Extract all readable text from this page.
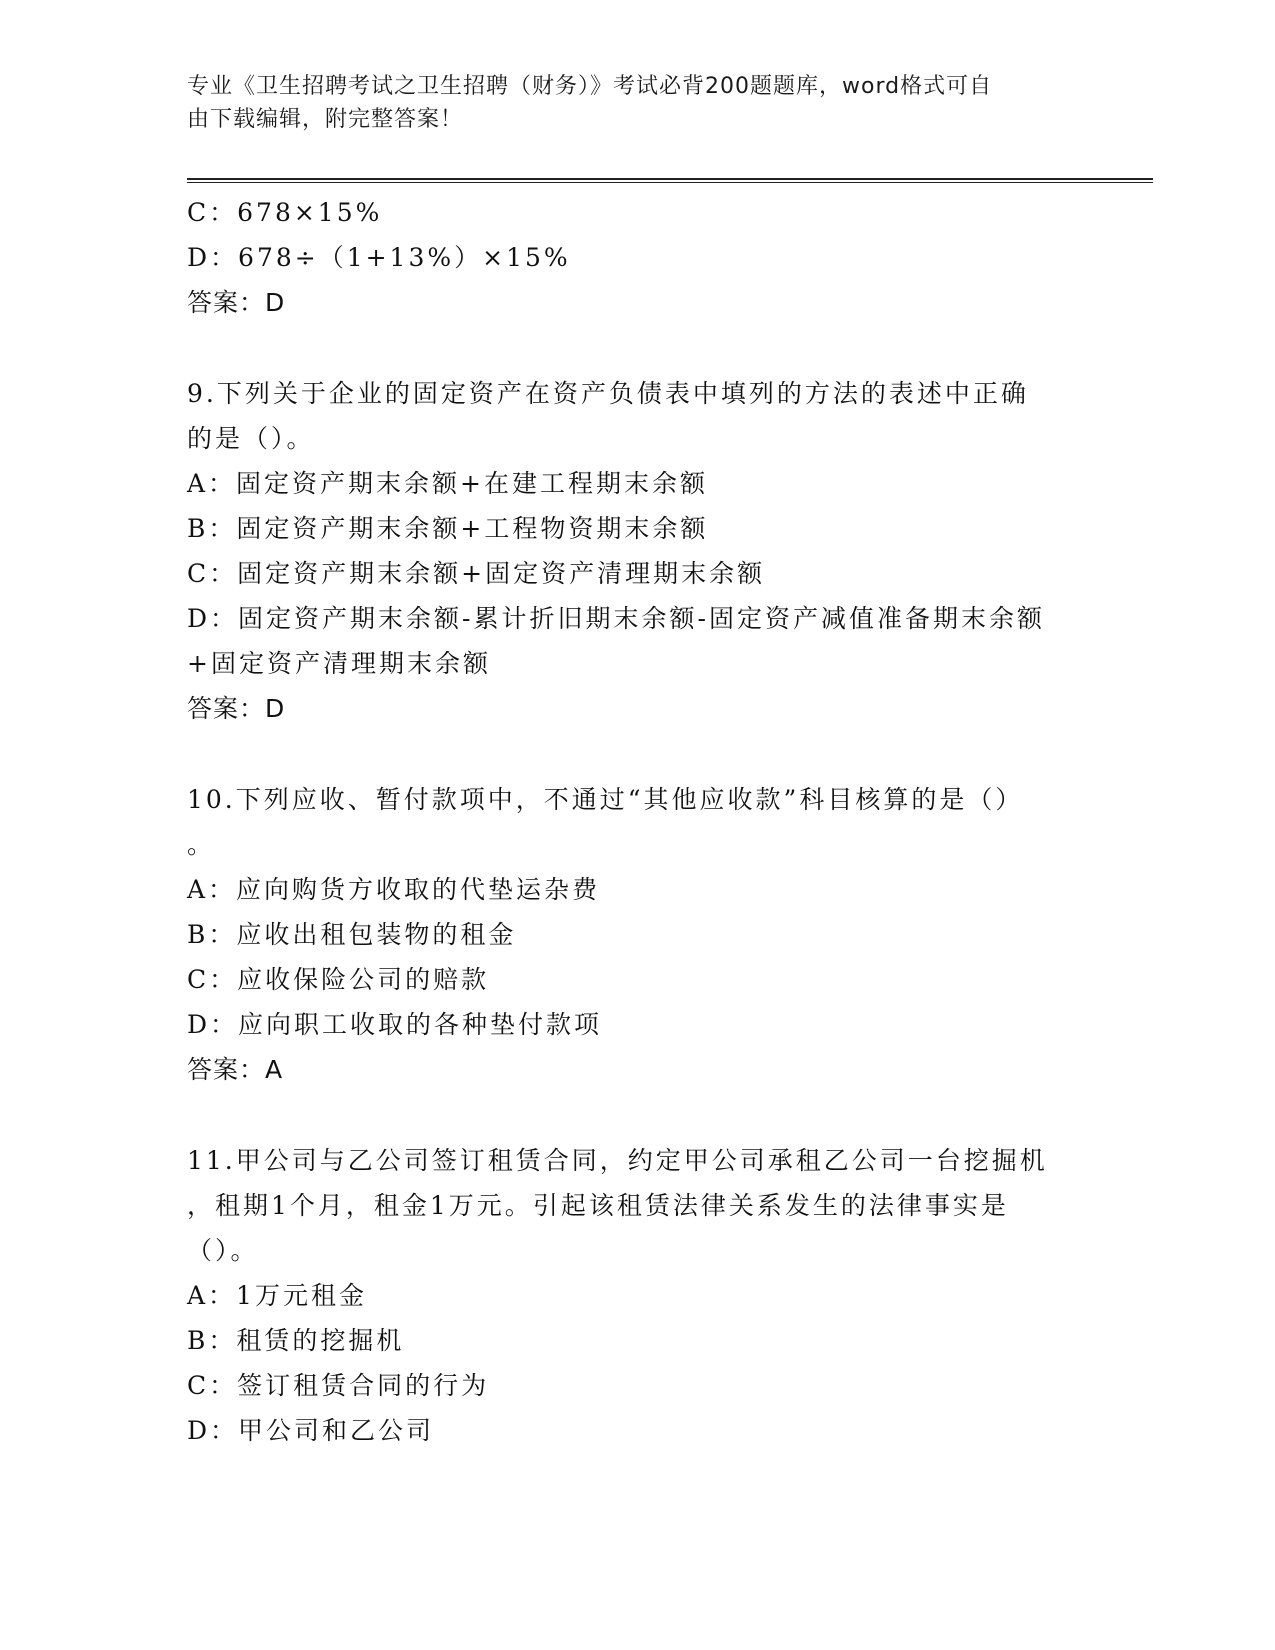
专业《卫生招聘考试之卫生招聘（财务）》考试必背200题题库，word格式可自
由下载编辑，附完整答案！
C：678×15%
D：678÷（1+13%）×15%
答案：D
9.下列关于企业的固定资产在资产负债表中填列的方法的表述中正确
的是（）。
A：固定资产期末余额+在建工程期末余额
B：固定资产期末余额+工程物资期末余额
C：固定资产期末余额+固定资产清理期末余额
D：固定资产期末余额-累计折旧期末余额-固定资产减值准备期末余额
+固定资产清理期末余额
答案：D
10.下列应收、暂付款项中，不通过“其他应收款”科目核算的是（）
。
A：应向购货方收取的代垫运杂费
B：应收出租包装物的租金
C：应收保险公司的赔款
D：应向职工收取的各种垫付款项
答案：A
11.甲公司与乙公司签订租赁合同，约定甲公司承租乙公司一台挖掘机
，租期1个月，租金1万元。引起该租赁法律关系发生的法律事实是
（）。
A：1万元租金
B：租赁的挖掘机
C：签订租赁合同的行为
D：甲公司和乙公司
